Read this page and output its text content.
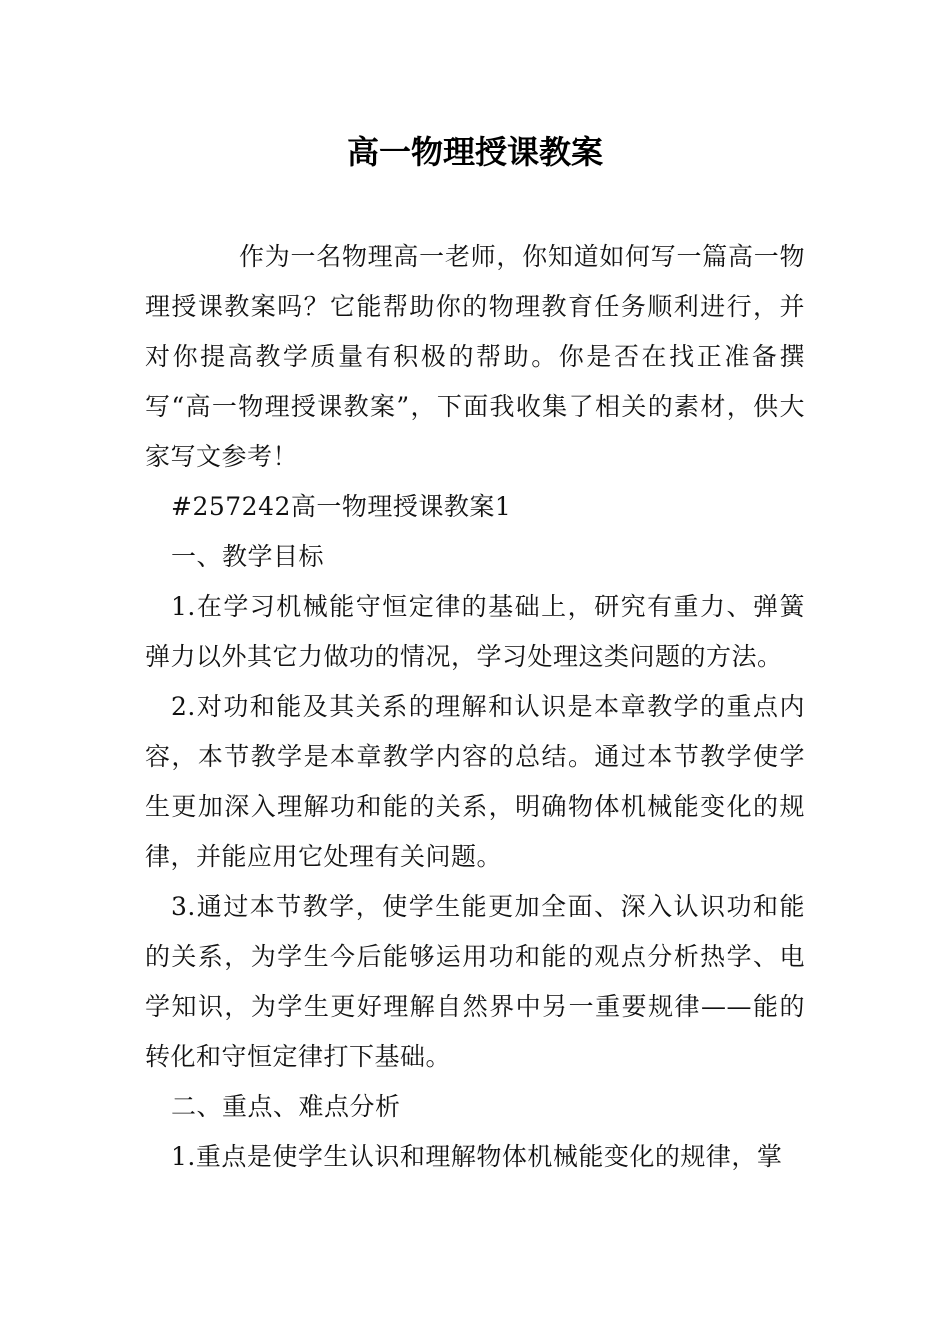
高一物理授课教案

作为一名物理高一老师，你知道如何写一篇高一物理授课教案吗？它能帮助你的物理教育任务顺利进行，并对你提高教学质量有积极的帮助。你是否在找正准备撰写“高一物理授课教案”，下面我收集了相关的素材，供大家写文参考！

#257242高一物理授课教案1

一、教学目标

1.在学习机械能守恒定律的基础上，研究有重力、弹簧弹力以外其它力做功的情况，学习处理这类问题的方法。

2.对功和能及其关系的理解和认识是本章教学的重点内容，本节教学是本章教学内容的总结。通过本节教学使学生更加深入理解功和能的关系，明确物体机械能变化的规律，并能应用它处理有关问题。

3.通过本节教学，使学生能更加全面、深入认识功和能的关系，为学生今后能够运用功和能的观点分析热学、电学知识，为学生更好理解自然界中另一重要规律——能的转化和守恒定律打下基础。

二、重点、难点分析

1.重点是使学生认识和理解物体机械能变化的规律，掌
